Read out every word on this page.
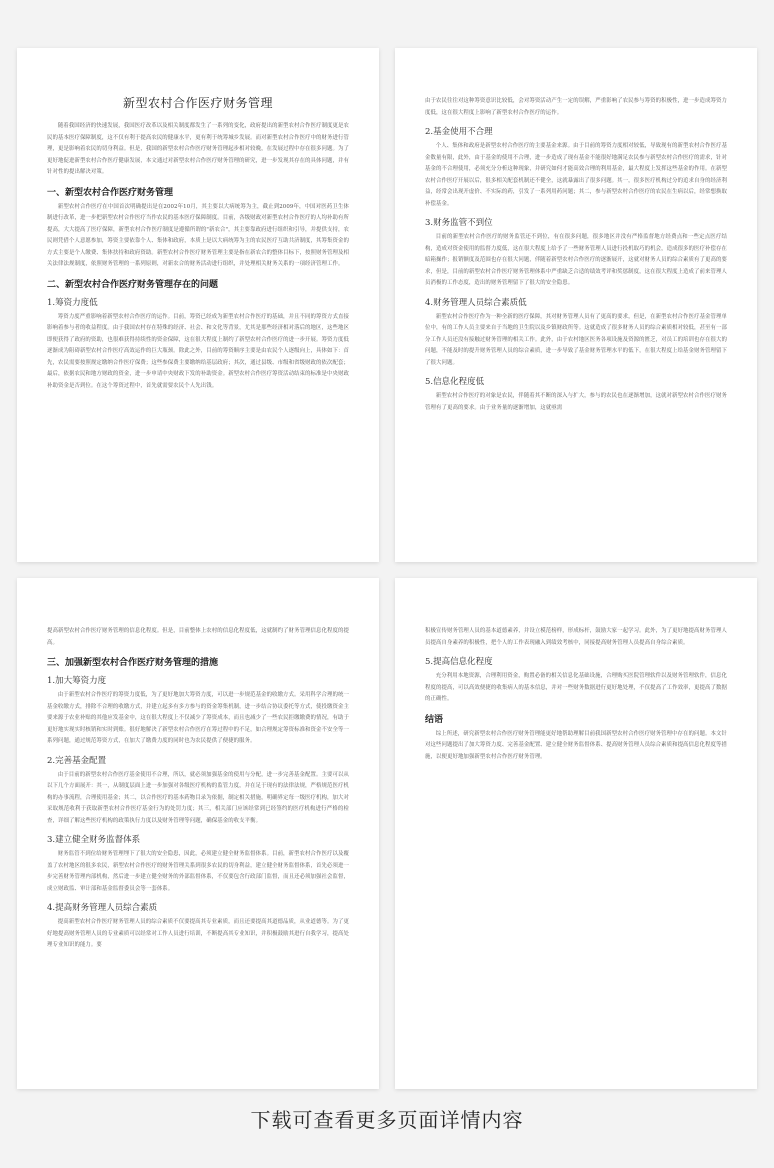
新型农村合作医疗财务管理

随着我国经济的快速发展，我国医疗改革以及相关制度都发生了一系列的变化，政府提出的新型农村合作医疗制度更是农民的基本医疗保障制度，这不仅有利于提高农民的健康水平，更有利于统筹城乡发展。而对新型农村合作医疗中的财务进行管理，更是影响着农民的切身利益。但是，我国的新型农村合作医疗财务管理起步相对较晚，在发展过程中存在很多问题。为了更好地促进新型农村合作医疗健康发展，本文通过对新型农村合作医疗财务管理的研究，进一步发现其存在的具体问题，并有针对性的提出解决对策。

一、新型农村合作医疗财务管理

新型农村合作医疗在中国首次明确提出是在2002年10月，其主要以大病统筹为主，截止到2009年，中国对医药卫生体制进行改革，进一步把新型农村合作医疗当作农民的基本医疗保障制度。目前，各级财政对新型农村合作医疗的人均补助有所提高，大大提高了医疗保障，新型农村合作医疗制度是遵循所谓的"新农合"，其主要靠政府进行组织和引导，并提供支持，农民则凭借个人意愿参加，筹资主要依靠个人、集体和政府，本质上是以大病统筹为主的农民医疗互助共济制度，其筹集资金的方式主要是个人缴费、集体扶持和政府资助。新型农村合作医疗财务管理主要是指在新农合的整体目标下，按照财务管理及相关法律法规制度，依照财务管理的一系列原则，对新农合的财务活动进行组织，并处理相关财务关系的一项经济管理工作。

二、新型农村合作医疗财务管理存在的问题
1.筹资力度低

筹资力度严重影响着新型农村合作医疗的运作。目前，筹资已经成为新型农村合作医疗的基础，并且不同的筹资方式直接影响着参与者的收益程度。由于我国农村存在特殊的经济、社会、和文化等背景，尤其是那些经济相对落后的地区，这些地区即便获得了政府的资助，也很难获得持续性的资金保障，这在很大程度上制约了新型农村合作医疗的进一步开展。筹资力度低逐渐成为阻碍新型农村合作医疗高效运作的巨大瓶颈。除此之外，目前的筹资顺序主要是由农民个人逐级向上，具体如下：首先，农民需要按照规定缴纳合作医疗保费；这些参保费主要缴纳给基层政府；其次，通过县级、市级和省级财政的依次配套；最后，依据农民和地方财政的资金，进一步申请中央财政下发的补助资金。新型农村合作医疗筹资活动结束的标准是中央财政补助资金是否到位。在这个筹资过程中，首先就需要农民个人先出钱。

由于农民往往对这种筹资意识比较低，会对筹资活动产生一定的误解，严重影响了农民参与筹资的积极性，进一步造成筹资力度低，这在很大程度上影响了新型农村合作医疗的运作。

2.基金使用不合理

个人、集体和政府是新型农村合作医疗的主要基金来源。由于目前的筹资力度相对较低，导致现有的新型农村合作医疗基金数量有限，此外，由于基金的使用不合理，进一步造成了现有基金不能很好地满足农民参与新型农村合作医疗的需求，针对基金的不合理使用，必须充分分析这种现象，并研究如何才能高效合理的利用基金，最大程度上发挥这些基金的作用。在新型农村合作医疗开展以后，很多相关配套机制还不健全，这就暴露出了很多问题。其一，很多医疗机构过分的追求自身的经济利益，经常会出现开虚价、不实际的药，引发了一系列用药问题；其二，参与新型农村合作医疗的农民在生病以后，经常想换取补偿基金。

3.财务监管不到位

目前的新型农村合作医疗的财务监管还不到位，有在很多问题，很多地区并没有严格监督地方经费点和一些定点医疗结构，造成对资金使用的监督力度低，这在很大程度上给予了一些财务管理人员进行投机取巧的机会，造成很多的医疗补偿存在暗箱操作；报销额度及范围也存在很大问题，伴随着新型农村合作医疗的逐渐展开，这就对财务人员的综合素质有了更高的要求，但是，目前的新型农村合作医疗财务管理体系中严重缺乏合适的绩效考评和奖惩制度，这在很大程度上造成了前来管理人员消极的工作态度，造出的财务管理留下了很大的安全隐患。

4.财务管理人员综合素质低

新型农村合作医疗作为一种全新的医疗保障，其对财务管理人员有了更高的要求，但是，在新型农村合作医疗基金管理单位中，有的工作人员主要来自于当地的卫生院以及乡镇财政所等。这就造成了很多财务人员的综合素质相对较低，甚至有一部分工作人员还没有接触过财务管理的相关工作。此外，由于农村地区医务各项设施及资源的匮乏，对员工的培训也存在很大的问题，不能及时的提升财务管理人员的综合素质，进一步导致了基金财务管理水平的低下，在很大程度上给基金财务管理留下了很大问题。

5.信息化程度低

新型农村合作医疗的对象是农民，伴随着其不断的深入与扩大，参与的农民也在逐渐增加，这就对新型农村合作医疗财务管理有了更高的要求。由于业务量的逐渐增加，这就亟需

提高新型农村合作医疗财务管理的信息化程度。但是，目前整体上农村的信息化程度低，这就制约了财务管理信息化程度的提高。

三、加强新型农村合作医疗财务管理的措施
1.加大筹资力度

由于新型农村合作医疗的筹资力度低，为了更好地加大筹资力度，可以进一步规范基金的收缴方式。采用科学合理的统一基金收缴方式，排除不合理的收缴方式，并建立起多有多方参与的资金筹集机制，进一步结合协议委托等方式，使投缴资金主要来源于农业补贴的其他应发基金中，这在很大程度上不仅减少了筹资成本，而且也减少了一些农民拒缴缴费的情况，有助于更好地实现实时核销和实时到账。很好地解决了新型农村合作医疗在筹过程中的不足，如合理规定筹资标准和资金不安全等一系列问题，通过规范筹资方式，在加大了缴费力度的同时也为农民提供了便捷的服务。

2.完善基金配置

由于目前的新型农村合作医疗基金使用不合理，所以，就必须加强基金的使用与分配，进一步完善基金配置。主要可以从以下几个方面展开：其一，从制度层面上进一步加强对各级医疗机构的监管力度，并在足于现有的法律法规，严格规范医疗机构的办事流程，合理使用基金；其二，以合作医疗的基本药物目录为依据，制定相关措施，明确界定每一级医疗机构，加大对采取规范收利于获取新型农村合作医疗基金行为的处罚力度；其三，相关部门应该经常到已经签约的医疗机构进行严格的检查，详细了解这些医疗机构的政策执行力度以及财务管理等问题，确保基金的收支平衡。

3.建立健全财务监督体系

财务监管不到位给财务管理埋下了很大的安全隐患，因此，必须建立健全财务监督体系。目前，新型农村合作医疗以及覆盖了农村地区的很多农民，新型农村合作医疗的财务管理关系到很多农民的切身利益，建立健全财务监督体系，首先必须进一步完善财务管理内部机构，然后进一步建立健全财务的外部监督体系，不仅要包含行政部门监督，而且还必须加强社会监督，成立财政监、审计部和基金监督委员会等一套体系。

4.提高财务管理人员综合素质

提高新型农村合作医疗财务管理人员的综合素质不仅要提高其专业素质，而且还要提高其道德品质，从业道德等。为了更好地提高财务管理人员的专业素质可以经常对工作人员进行培训，不断提高其专业知识，并积极鼓励其进行自我学习，提高处理专业知识的能力。要

积极宣传财务管理人员的基本道德素养，并设立模范榜样，形成标杆，鼓励大家一起学习。此外，为了更好地提高财务管理人员提高自身素养的积极性，把个人的工作表现融入到绩效考核中，同接提高财务管理人员提高自身综合素质。

5.提高信息化程度

充分利用本地资源，合理利用资金，购置必备的相关信息化基础设施，合理购买医院管理软件以及财务管理软件，信息化程度的提高，可以高效便捷的收集病人的基本信息，并对一些财务数据进行更好地处理，不仅提高了工作效率，更提高了数据的正确性。

结语

综上所述，研究新型农村合作医疗财务管理能更好地帮助理解目前我国新型农村合作医疗财务管理中存在的问题。本文针对这些问题提出了加大筹资力度、完善基金配置、建立健全财务监督体系、提高财务管理人员综合素质和提高信息化程度等措施，以便更好地加强新型农村合作医疗财务管理。

下载可查看更多页面详情内容
